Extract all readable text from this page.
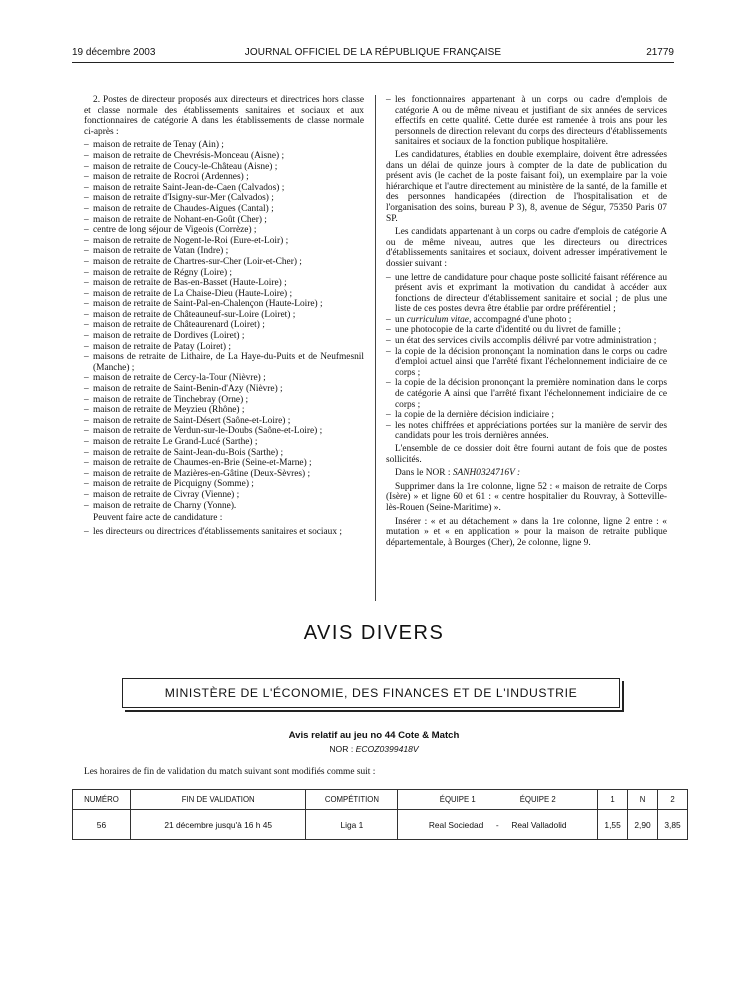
19 décembre 2003	JOURNAL OFFICIEL DE LA RÉPUBLIQUE FRANÇAISE	21779

2. Postes de directeur proposés aux directeurs et directrices hors classe et classe normale des établissements sanitaires et sociaux et aux fonctionnaires de catégorie A dans les établissements de classe normale ci-après :

– maison de retraite de Tenay (Ain) ;
– maison de retraite de Chevrésis-Monceau (Aisne) ;
– maison de retraite de Coucy-le-Château (Aisne) ;
– maison de retraite de Rocroi (Ardennes) ;
– maison de retraite Saint-Jean-de-Caen (Calvados) ;
– maison de retraite d'Isigny-sur-Mer (Calvados) ;
– maison de retraite de Chaudes-Aigues (Cantal) ;
– maison de retraite de Nohant-en-Goût (Cher) ;
– centre de long séjour de Vigeois (Corrèze) ;
– maison de retraite de Nogent-le-Roi (Eure-et-Loir) ;
– maison de retraite de Vatan (Indre) ;
– maison de retraite de Chartres-sur-Cher (Loir-et-Cher) ;
– maison de retraite de Régny (Loire) ;
– maison de retraite de Bas-en-Basset (Haute-Loire) ;
– maison de retraite de La Chaise-Dieu (Haute-Loire) ;
– maison de retraite de Saint-Pal-en-Chalençon (Haute-Loire) ;
– maison de retraite de Châteauneuf-sur-Loire (Loiret) ;
– maison de retraite de Châteaurenard (Loiret) ;
– maison de retraite de Dordives (Loiret) ;
– maison de retraite de Patay (Loiret) ;
– maisons de retraite de Lithaire, de La Haye-du-Puits et de Neufmesnil (Manche) ;
– maison de retraite de Cercy-la-Tour (Nièvre) ;
– maison de retraite de Saint-Benin-d'Azy (Nièvre) ;
– maison de retraite de Tinchebray (Orne) ;
– maison de retraite de Meyzieu (Rhône) ;
– maison de retraite de Saint-Désert (Saône-et-Loire) ;
– maison de retraite de Verdun-sur-le-Doubs (Saône-et-Loire) ;
– maison de retraite Le Grand-Lucé (Sarthe) ;
– maison de retraite de Saint-Jean-du-Bois (Sarthe) ;
– maison de retraite de Chaumes-en-Brie (Seine-et-Marne) ;
– maison de retraite de Mazières-en-Gâtine (Deux-Sèvres) ;
– maison de retraite de Picquigny (Somme) ;
– maison de retraite de Civray (Vienne) ;
– maison de retraite de Charny (Yonne).

Peuvent faire acte de candidature :

– les directeurs ou directrices d'établissements sanitaires et sociaux ;
– les fonctionnaires appartenant à un corps ou cadre d'emplois de catégorie A ou de même niveau et justifiant de six années de services effectifs en cette qualité. Cette durée est ramenée à trois ans pour les personnels de direction relevant du corps des directeurs d'établissements sanitaires et sociaux de la fonction publique hospitalière.

Les candidatures, établies en double exemplaire, doivent être adressées dans un délai de quinze jours à compter de la date de publication du présent avis (le cachet de la poste faisant foi), un exemplaire par la voie hiérarchique et l'autre directement au ministère de la santé, de la famille et des personnes handicapées (direction de l'hospitalisation et de l'organisation des soins, bureau P 3), 8, avenue de Ségur, 75350 Paris 07 SP.

Les candidats appartenant à un corps ou cadre d'emplois de catégorie A ou de même niveau, autres que les directeurs ou directrices d'établissements sanitaires et sociaux, doivent adresser impérativement le dossier suivant :

– une lettre de candidature pour chaque poste sollicité faisant référence au présent avis et exprimant la motivation du candidat à accéder aux fonctions de directeur d'établissement sanitaire et social ; de plus une liste de ces postes devra être établie par ordre préférentiel ;
– un curriculum vitae, accompagné d'une photo ;
– une photocopie de la carte d'identité ou du livret de famille ;
– un état des services civils accomplis délivré par votre administration ;
– la copie de la décision prononçant la nomination dans le corps ou cadre d'emploi actuel ainsi que l'arrêté fixant l'échelonnement indiciaire de ce corps ;
– la copie de la décision prononçant la première nomination dans le corps de catégorie A ainsi que l'arrêté fixant l'échelonnement indiciaire de ce corps ;
– la copie de la dernière décision indiciaire ;
– les notes chiffrées et appréciations portées sur la manière de servir des candidats pour les trois dernières années.

L'ensemble de ce dossier doit être fourni autant de fois que de postes sollicités.

Dans le NOR : SANH0324716V :

Supprimer dans la 1re colonne, ligne 52 : « maison de retraite de Corps (Isère) » et ligne 60 et 61 : « centre hospitalier du Rouvray, à Sotteville-lès-Rouen (Seine-Maritime) ».

Insérer : « et au détachement » dans la 1re colonne, ligne 2 entre : « mutation » et « en application » pour la maison de retraite publique départementale, à Bourges (Cher), 2e colonne, ligne 9.

AVIS DIVERS
MINISTÈRE DE L'ÉCONOMIE, DES FINANCES ET DE L'INDUSTRIE
Avis relatif au jeu no 44 Cote & Match
NOR : ECOZ0399418V
Les horaires de fin de validation du match suivant sont modifiés comme suit :
NUMÉRO	FIN DE VALIDATION	COMPÉTITION	ÉQUIPE 1 ÉQUIPE 2	1	N	2
56	21 décembre jusqu'à 16 h 45	Liga 1	Real Sociedad - Real Valladolid	1,55	2,90	3,85
